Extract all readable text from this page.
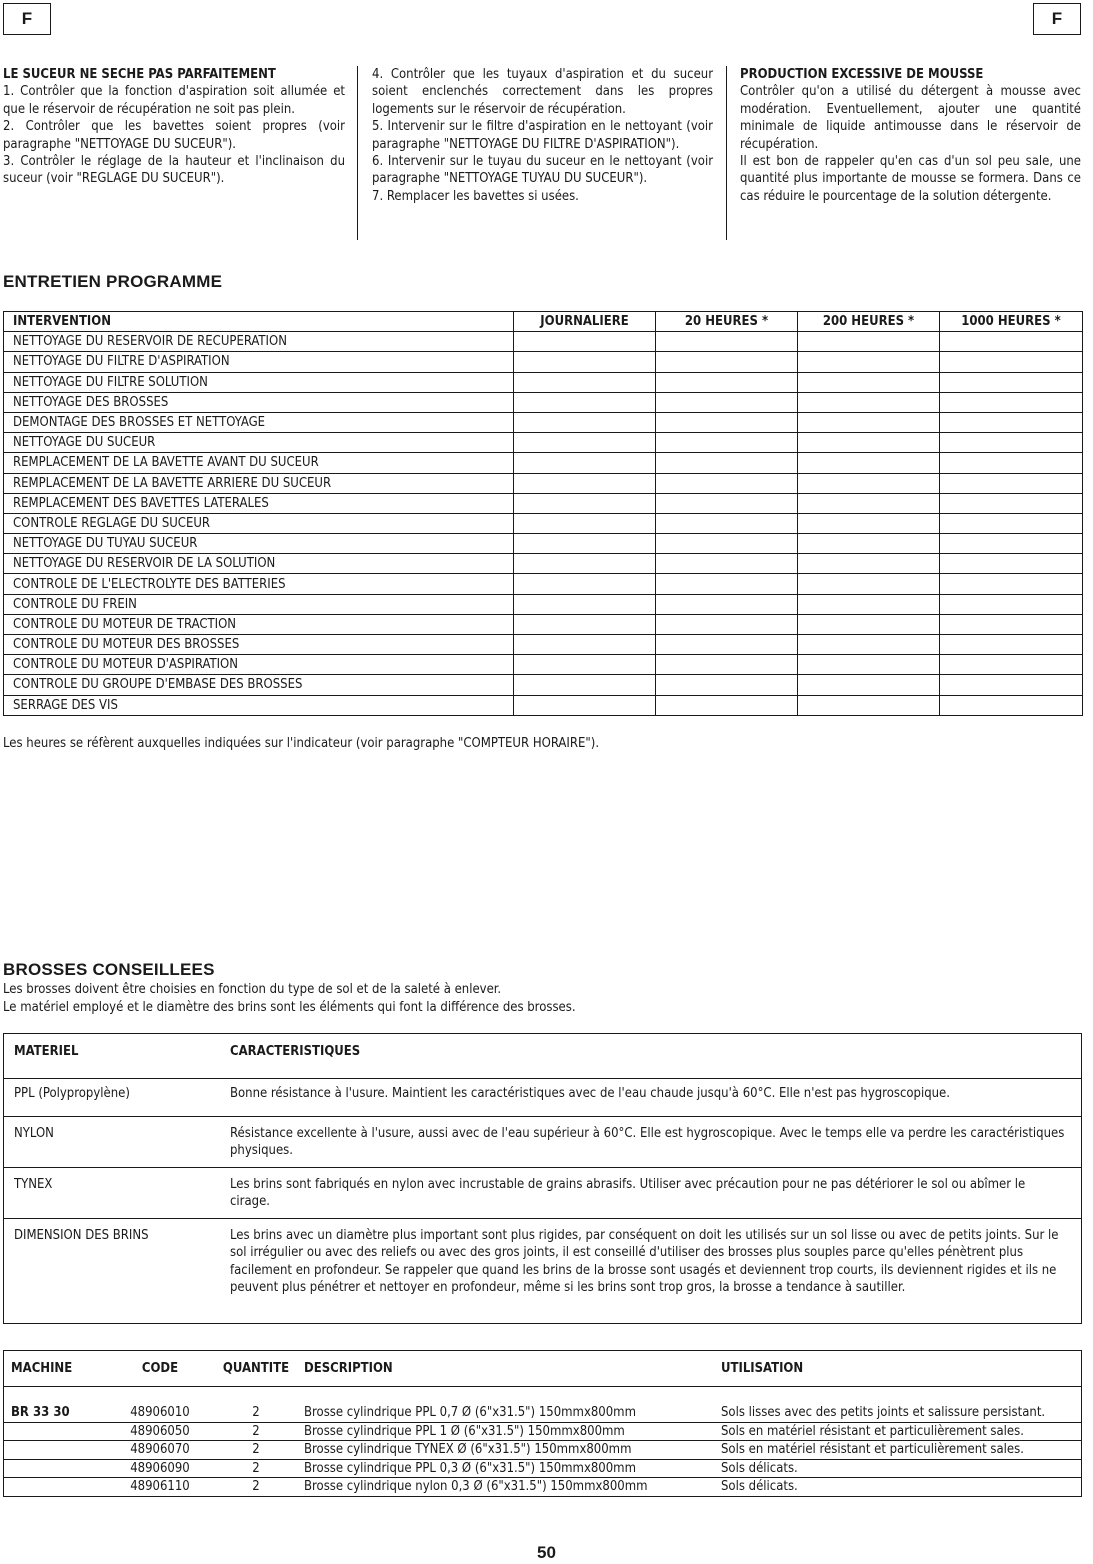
F	F
LE SUCEUR NE SECHE PAS PARFAITEMENT

1. Contrôler que la fonction d'aspiration soit allumée et que le réservoir de récupération ne soit pas plein.

2. Contrôler que les bavettes soient propres (voir paragraphe "NETTOYAGE DU SUCEUR").

3. Contrôler le réglage de la hauteur et l'inclinaison du suceur (voir "REGLAGE DU SUCEUR").

4. Contrôler que les tuyaux d'aspiration et du suceur soient enclenchés correctement dans les propres logements sur le réservoir de récupération.

5. Intervenir sur le filtre d'aspiration en le nettoyant (voir paragraphe "NETTOYAGE DU FILTRE D'ASPIRATION").

6. Intervenir sur le tuyau du suceur en le nettoyant (voir paragraphe "NETTOYAGE TUYAU DU SUCEUR").

7. Remplacer les bavettes si usées.

PRODUCTION EXCESSIVE DE MOUSSE

Contrôler qu'on a utilisé du détergent à mousse avec modération. Eventuellement, ajouter une quantité minimale de liquide antimousse dans le réservoir de récupération.

Il est bon de rappeler qu'en cas d'un sol peu sale, une quantité plus importante de mousse se formera. Dans ce cas réduire le pourcentage de la solution détergente.

ENTRETIEN PROGRAMME
INTERVENTION	JOURNALIERE	20 HEURES *	200 HEURES *	1000 HEURES *
NETTOYAGE DU RESERVOIR DE RECUPERATION				
NETTOYAGE DU FILTRE D'ASPIRATION				
NETTOYAGE DU FILTRE SOLUTION				
NETTOYAGE DES BROSSES				
DEMONTAGE DES BROSSES ET NETTOYAGE				
NETTOYAGE DU SUCEUR				
REMPLACEMENT DE LA BAVETTE AVANT DU SUCEUR				
REMPLACEMENT DE LA BAVETTE ARRIERE DU SUCEUR				
REMPLACEMENT DES BAVETTES LATERALES				
CONTROLE REGLAGE DU SUCEUR				
NETTOYAGE DU TUYAU SUCEUR				
NETTOYAGE DU RESERVOIR DE LA SOLUTION				
CONTROLE DE L'ELECTROLYTE DES BATTERIES				
CONTROLE DU FREIN				
CONTROLE DU MOTEUR DE TRACTION				
CONTROLE DU MOTEUR DES BROSSES				
CONTROLE DU MOTEUR D'ASPIRATION				
CONTROLE DU GROUPE D'EMBASE DES BROSSES				
SERRAGE DES VIS				

Les heures se réfèrent auxquelles indiquées sur l'indicateur (voir paragraphe "COMPTEUR HORAIRE").

BROSSES CONSEILLEES

Les brosses doivent être choisies en fonction du type de sol et de la saleté à enlever.
Le matériel employé et le diamètre des brins sont les éléments qui font la différence des brosses.

MATERIEL	CARACTERISTIQUES
PPL (Polypropylène)	Bonne résistance à l'usure. Maintient les caractéristiques avec de l'eau chaude jusqu'à 60°C. Elle n'est pas hygroscopique.
NYLON	Résistance excellente à l'usure, aussi avec de l'eau supérieur à 60°C. Elle est hygroscopique. Avec le temps elle va perdre les caractéristiques physiques.
TYNEX	Les brins sont fabriqués en nylon avec incrustable de grains abrasifs. Utiliser avec précaution pour ne pas détériorer le sol ou abîmer le cirage.
DIMENSION DES BRINS	Les brins avec un diamètre plus important sont plus rigides, par conséquent on doit les utilisés sur un sol lisse ou avec de petits joints. Sur le sol irrégulier ou avec des reliefs ou avec des gros joints, il est conseillé d'utiliser des brosses plus souples parce qu'elles pénètrent plus facilement en profondeur. Se rappeler que quand les brins de la brosse sont usagés et deviennent trop courts, ils deviennent rigides et ils ne peuvent plus pénétrer et nettoyer en profondeur, même si les brins sont trop gros, la brosse a tendance à sautiller.
MACHINE	CODE	QUANTITE	DESCRIPTION	UTILISATION

BR 33 30	48906010	2	Brosse cylindrique PPL 0,7 Ø (6"x31.5") 150mmx800mm	Sols lisses avec des petits joints et salissure persistant.
	48906050	2	Brosse cylindrique PPL 1 Ø (6"x31.5") 150mmx800mm	Sols en matériel résistant et particulièrement sales.
	48906070	2	Brosse cylindrique TYNEX Ø (6"x31.5") 150mmx800mm	Sols en matériel résistant et particulièrement sales.
	48906090	2	Brosse cylindrique PPL 0,3 Ø (6"x31.5") 150mmx800mm	Sols délicats.
	48906110	2	Brosse cylindrique nylon 0,3 Ø (6"x31.5") 150mmx800mm	Sols délicats.
50
